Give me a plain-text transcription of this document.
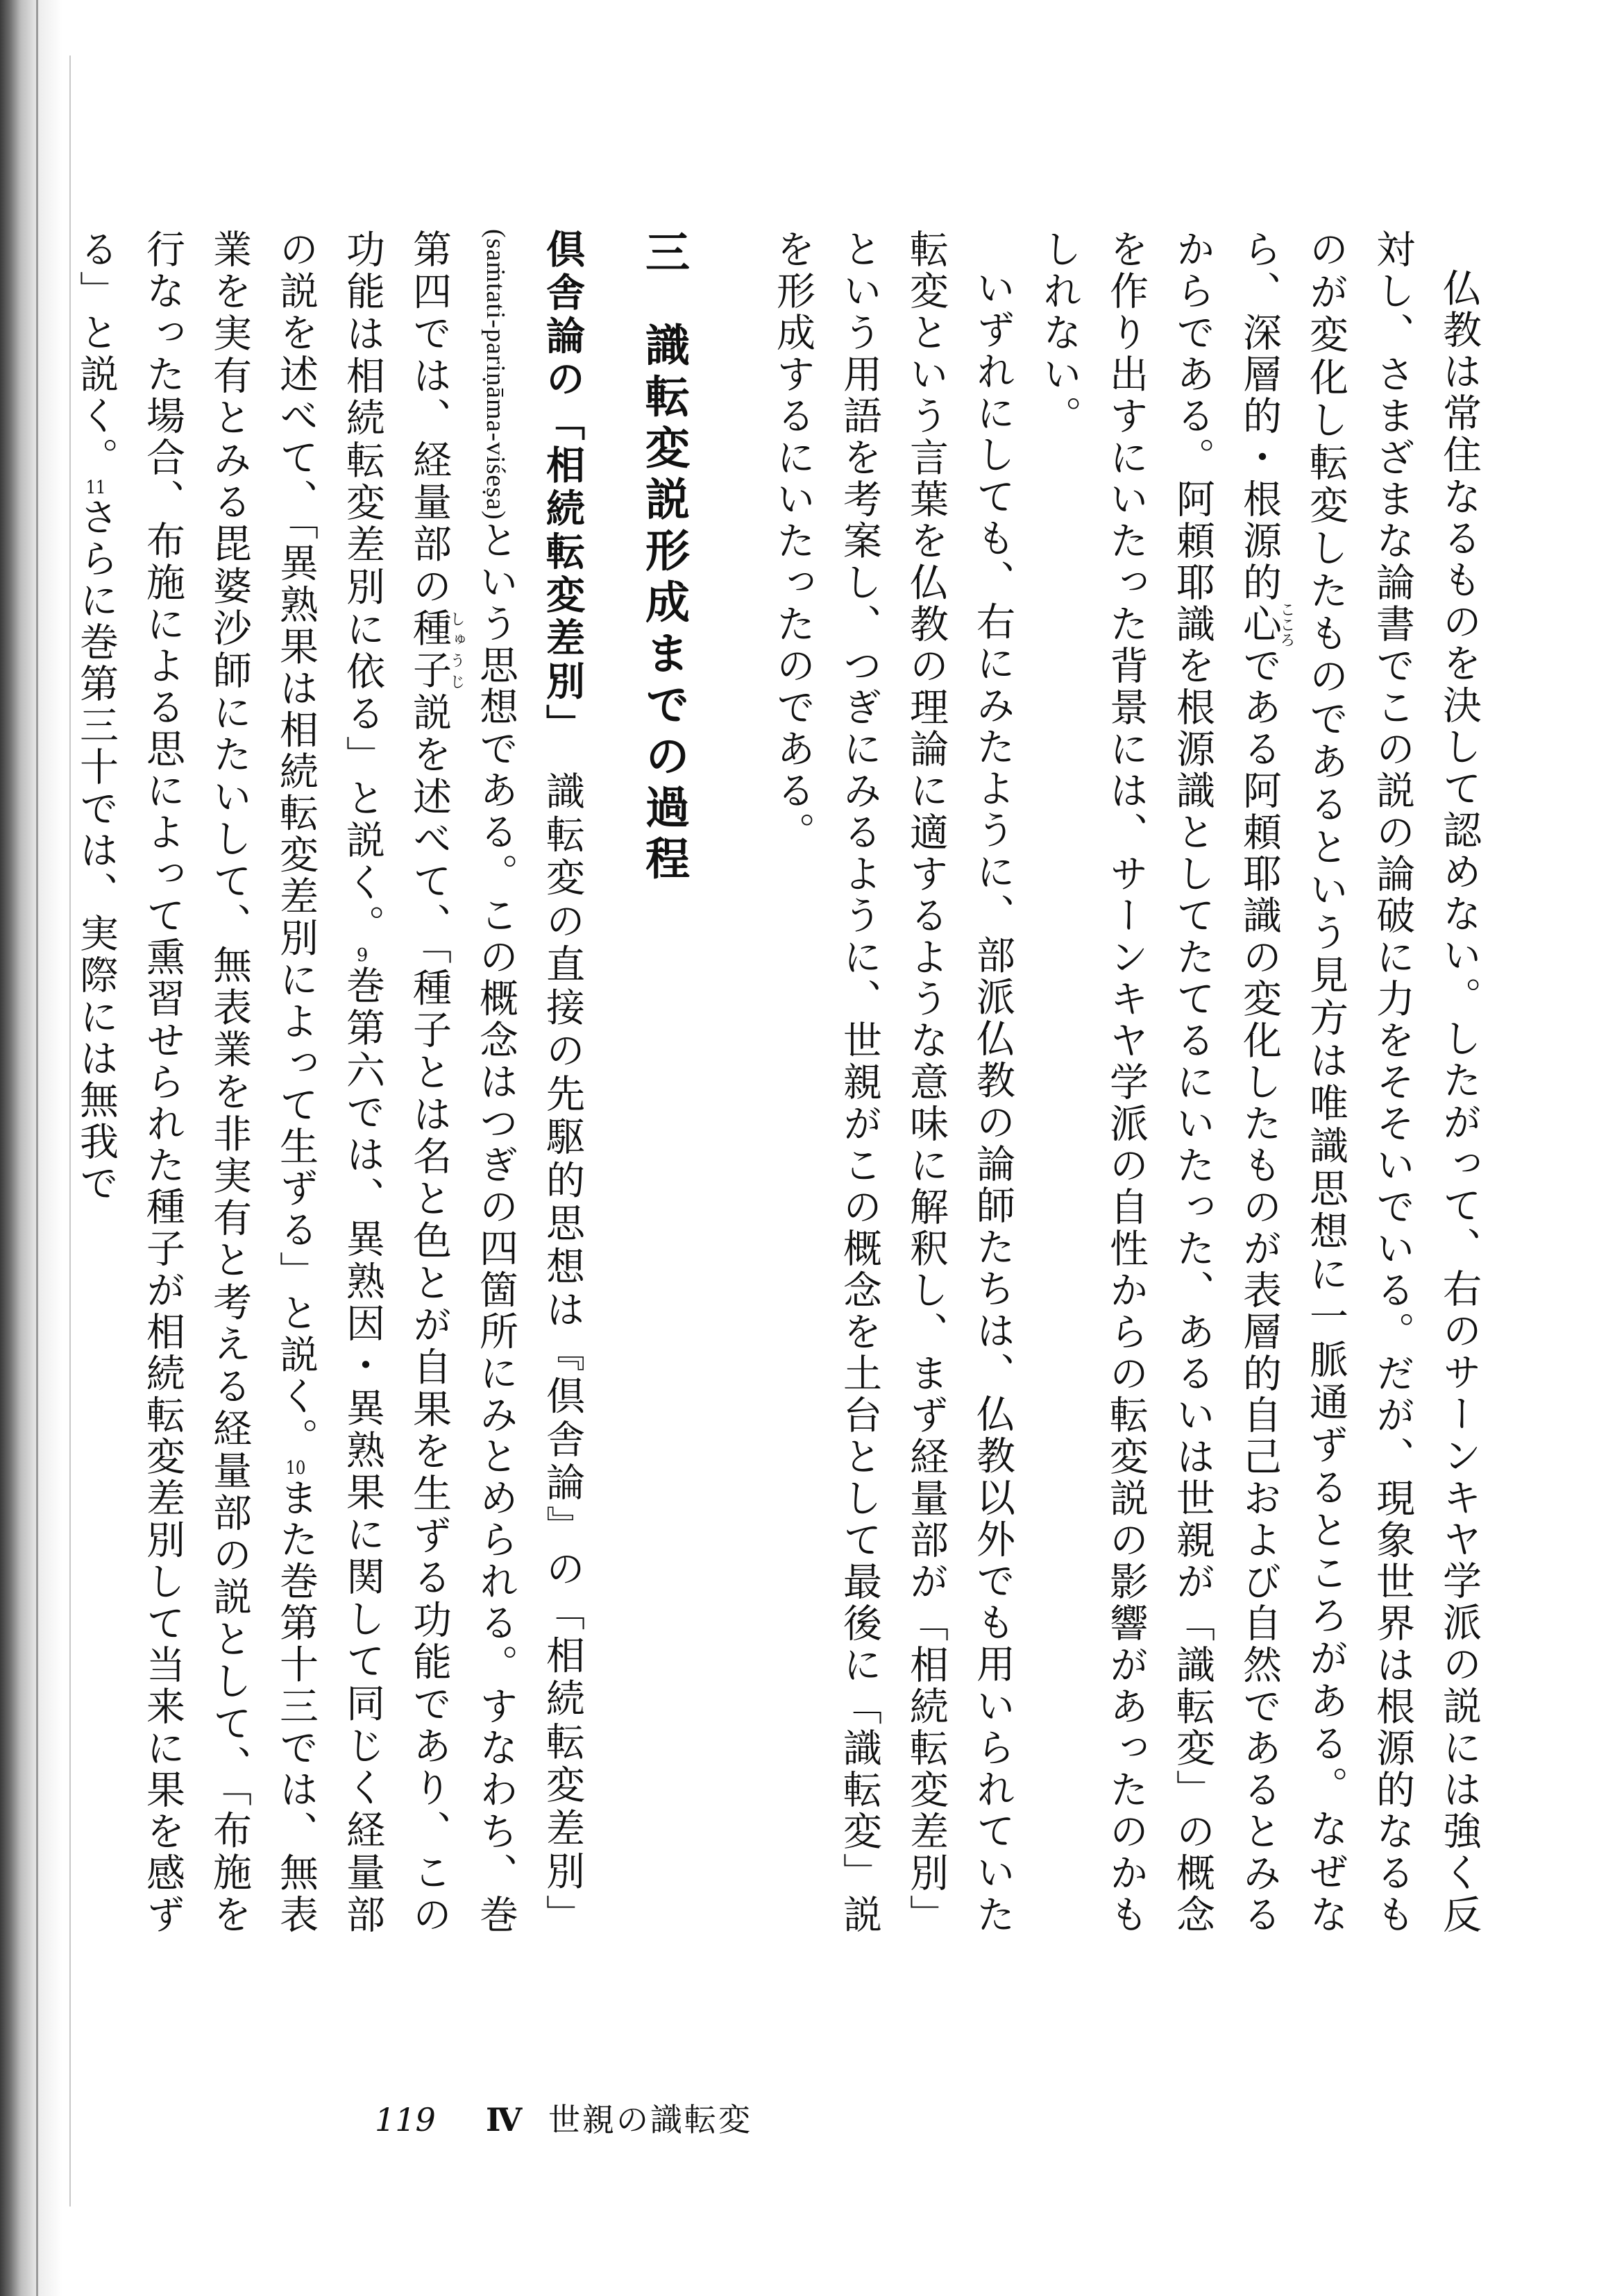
仏教は常住なるものを決して認めない。したがって、右のサーンキヤ学派の説には強く反対し、さまざまな論書でこの説の論破に力をそそいでいる。だが、現象世界は根源的なるものが変化し転変したものであるという見方は唯識思想に一脈通ずるところがある。なぜなら、深層的・根源的心こころである阿頼耶識の変化したものが表層的自己および自然であるとみるからである。阿頼耶識を根源識としてたてるにいたった、あるいは世親が「識転変」の概念を作り出すにいたった背景には、サーンキヤ学派の自性からの転変説の影響があったのかもしれない。

いずれにしても、右にみたように、部派仏教の論師たちは、仏教以外でも用いられていた転変という言葉を仏教の理論に適するような意味に解釈し、まず経量部が「相続転変差別」という用語を考案し、つぎにみるように、世親がこの概念を土台として最後に「識転変」説を形成するにいたったのである。

三識転変説形成までの過程

倶舎論の「相続転変差別」　識転変の直接の先駆的思想は『倶舎論』の「相続転変差別」(saṁtati-pariṇāma-viśeṣa)という思想である。この概念はつぎの四箇所にみとめられる。すなわち、巻第四では、経量部の種子しゅうじ説を述べて、「種子とは名と色とが自果を生ずる功能であり、この功能は相続転変差別に依る」と説く。9巻第六では、異熟因・異熟果に関して同じく経量部の説を述べて、「異熟果は相続転変差別によって生ずる」と説く。10また巻第十三では、無表業を実有とみる毘婆沙師にたいして、無表業を非実有と考える経量部の説として、「布施を行なった場合、布施による思によって熏習せられた種子が相続転変差別して当来に果を感ずる」と説く。11さらに巻第三十では、実際には無我で

119 Ⅳ 世親の識転変
